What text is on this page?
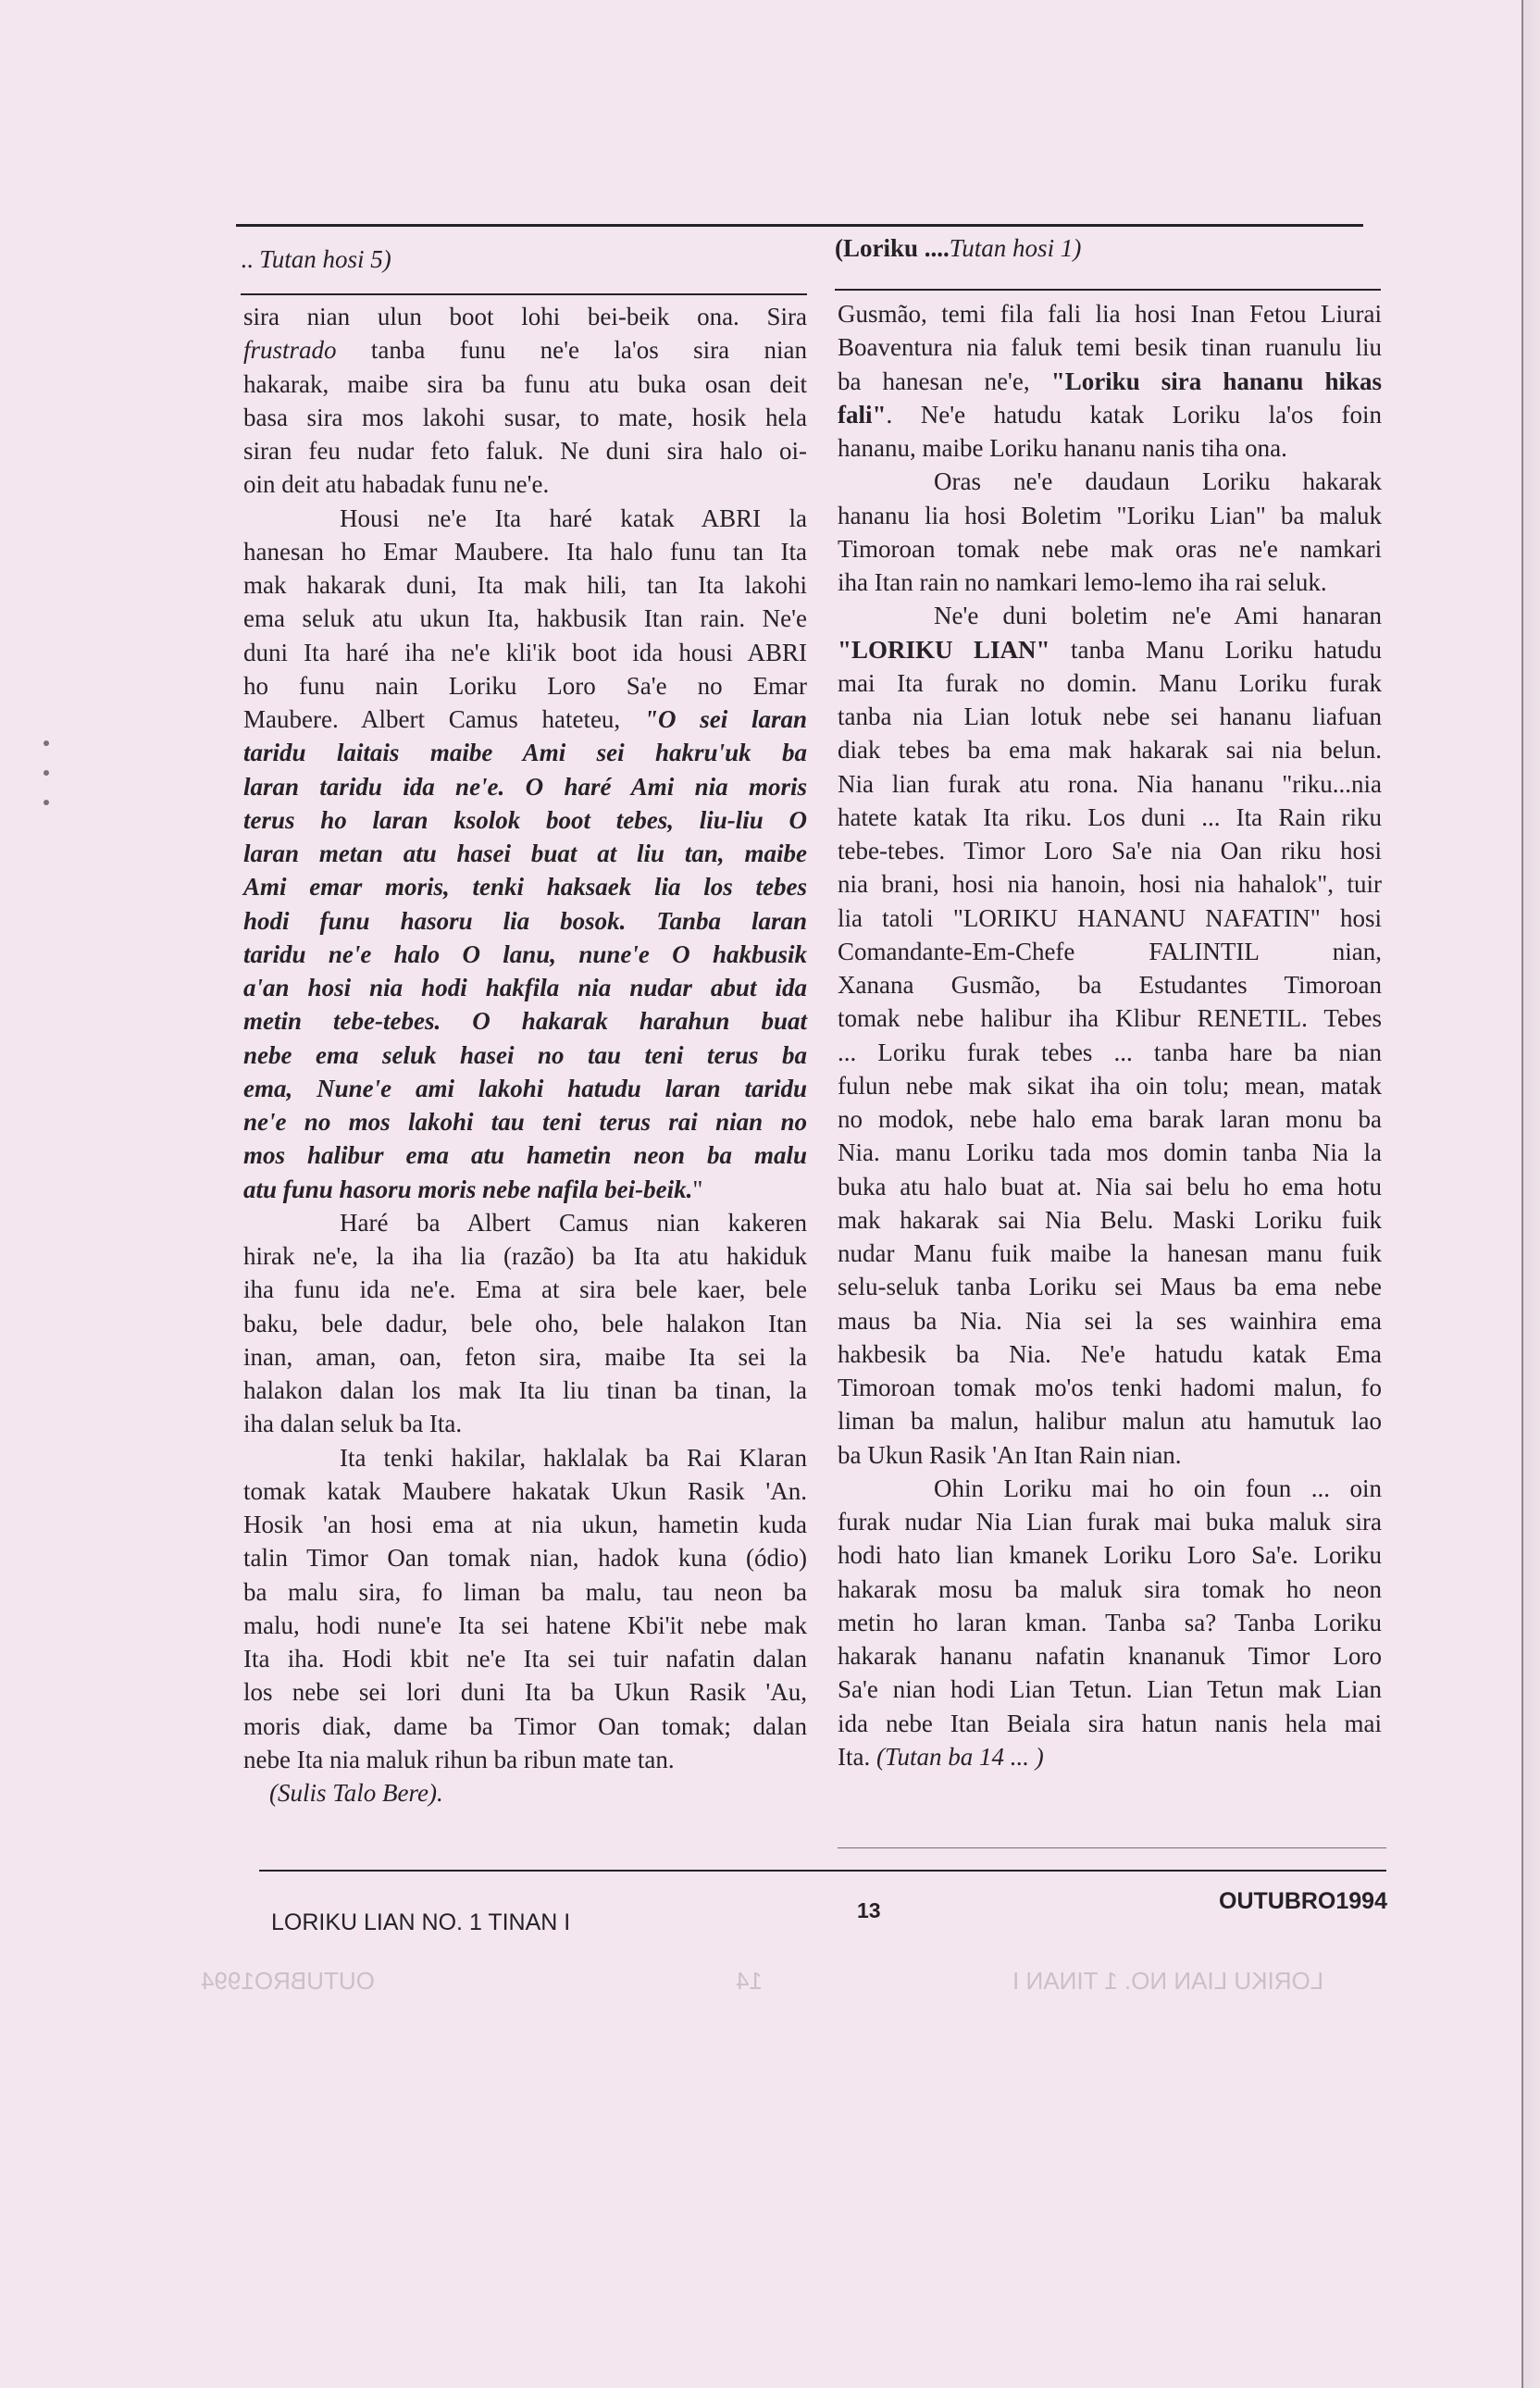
.. Tutan hosi 5)	(Loriku ....Tutan hosi 1)
sira nian ulun boot lohi bei-beik ona. Sira
frustrado tanba funu ne'e la'os sira nian
hakarak, maibe sira ba funu atu buka osan deit
basa sira mos lakohi susar, to mate, hosik hela
siran feu nudar feto faluk. Ne duni sira halo oi-
oin deit atu habadak funu ne'e.
Housi ne'e Ita haré katak ABRI la
hanesan ho Emar Maubere. Ita halo funu tan Ita
mak hakarak duni, Ita mak hili, tan Ita lakohi
ema seluk atu ukun Ita, hakbusik Itan rain. Ne'e
duni Ita haré iha ne'e kli'ik boot ida housi ABRI
ho funu nain Loriku Loro Sa'e no Emar
Maubere. Albert Camus hateteu, "O sei laran
taridu laitais maibe Ami sei hakru'uk ba
laran taridu ida ne'e. O haré Ami nia moris
terus ho laran ksolok boot tebes, liu-liu O
laran metan atu hasei buat at liu tan, maibe
Ami emar moris, tenki haksaek lia los tebes
hodi funu hasoru lia bosok. Tanba laran
taridu ne'e halo O lanu, nune'e O hakbusik
a'an hosi nia hodi hakfila nia nudar abut ida
metin tebe-tebes. O hakarak harahun buat
nebe ema seluk hasei no tau teni terus ba
ema, Nune'e ami lakohi hatudu laran taridu
ne'e no mos lakohi tau teni terus rai nian no
mos halibur ema atu hametin neon ba malu
atu funu hasoru moris nebe nafila bei-beik."
Haré ba Albert Camus nian kakeren
hirak ne'e, la iha lia (razão) ba Ita atu hakiduk
iha funu ida ne'e. Ema at sira bele kaer, bele
baku, bele dadur, bele oho, bele halakon Itan
inan, aman, oan, feton sira, maibe Ita sei la
halakon dalan los mak Ita liu tinan ba tinan, la
iha dalan seluk ba Ita.
Ita tenki hakilar, haklalak ba Rai Klaran
tomak katak Maubere hakatak Ukun Rasik 'An.
Hosik 'an hosi ema at nia ukun, hametin kuda
talin Timor Oan tomak nian, hadok kuna (ódio)
ba malu sira, fo liman ba malu, tau neon ba
malu, hodi nune'e Ita sei hatene Kbi'it nebe mak
Ita iha. Hodi kbit ne'e Ita sei tuir nafatin dalan
los nebe sei lori duni Ita ba Ukun Rasik 'Au,
moris diak, dame ba Timor Oan tomak; dalan
nebe Ita nia maluk rihun ba ribun mate tan.
(Sulis Talo Bere).
Gusmão, temi fila fali lia hosi Inan Fetou Liurai
Boaventura nia faluk temi besik tinan ruanulu liu
ba hanesan ne'e, "Loriku sira hananu hikas
fali". Ne'e hatudu katak Loriku la'os foin
hananu, maibe Loriku hananu nanis tiha ona.
Oras ne'e daudaun Loriku hakarak
hananu lia hosi Boletim "Loriku Lian" ba maluk
Timoroan tomak nebe mak oras ne'e namkari
iha Itan rain no namkari lemo-lemo iha rai seluk.
Ne'e duni boletim ne'e Ami hanaran
"LORIKU LIAN" tanba Manu Loriku hatudu
mai Ita furak no domin. Manu Loriku furak
tanba nia Lian lotuk nebe sei hananu liafuan
diak tebes ba ema mak hakarak sai nia belun.
Nia lian furak atu rona. Nia hananu "riku...nia
hatete katak Ita riku. Los duni ... Ita Rain riku
tebe-tebes. Timor Loro Sa'e nia Oan riku hosi
nia brani, hosi nia hanoin, hosi nia hahalok", tuir
lia tatoli "LORIKU HANANU NAFATIN" hosi
Comandante-Em-Chefe FALINTIL nian,
Xanana Gusmão, ba Estudantes Timoroan
tomak nebe halibur iha Klibur RENETIL. Tebes
... Loriku furak tebes ... tanba hare ba nian
fulun nebe mak sikat iha oin tolu; mean, matak
no modok, nebe halo ema barak laran monu ba
Nia. manu Loriku tada mos domin tanba Nia la
buka atu halo buat at. Nia sai belu ho ema hotu
mak hakarak sai Nia Belu. Maski Loriku fuik
nudar Manu fuik maibe la hanesan manu fuik
selu-seluk tanba Loriku sei Maus ba ema nebe
maus ba Nia. Nia sei la ses wainhira ema
hakbesik ba Nia. Ne'e hatudu katak Ema
Timoroan tomak mo'os tenki hadomi malun, fo
liman ba malun, halibur malun atu hamutuk lao
ba Ukun Rasik 'An Itan Rain nian.
Ohin Loriku mai ho oin foun ... oin
furak nudar Nia Lian furak mai buka maluk sira
hodi hato lian kmanek Loriku Loro Sa'e. Loriku
hakarak mosu ba maluk sira tomak ho neon
metin ho laran kman. Tanba sa? Tanba Loriku
hakarak hananu nafatin knananuk Timor Loro
Sa'e nian hodi Lian Tetun. Lian Tetun mak Lian
ida nebe Itan Beiala sira hatun nanis hela mai
Ita. (Tutan ba 14 ... )
LORIKU LIAN NO. 1 TINAN I	13	OUTUBRO1994
OUTUBRO1994	14	LORIKU LIAN NO. 1 TINAN I
